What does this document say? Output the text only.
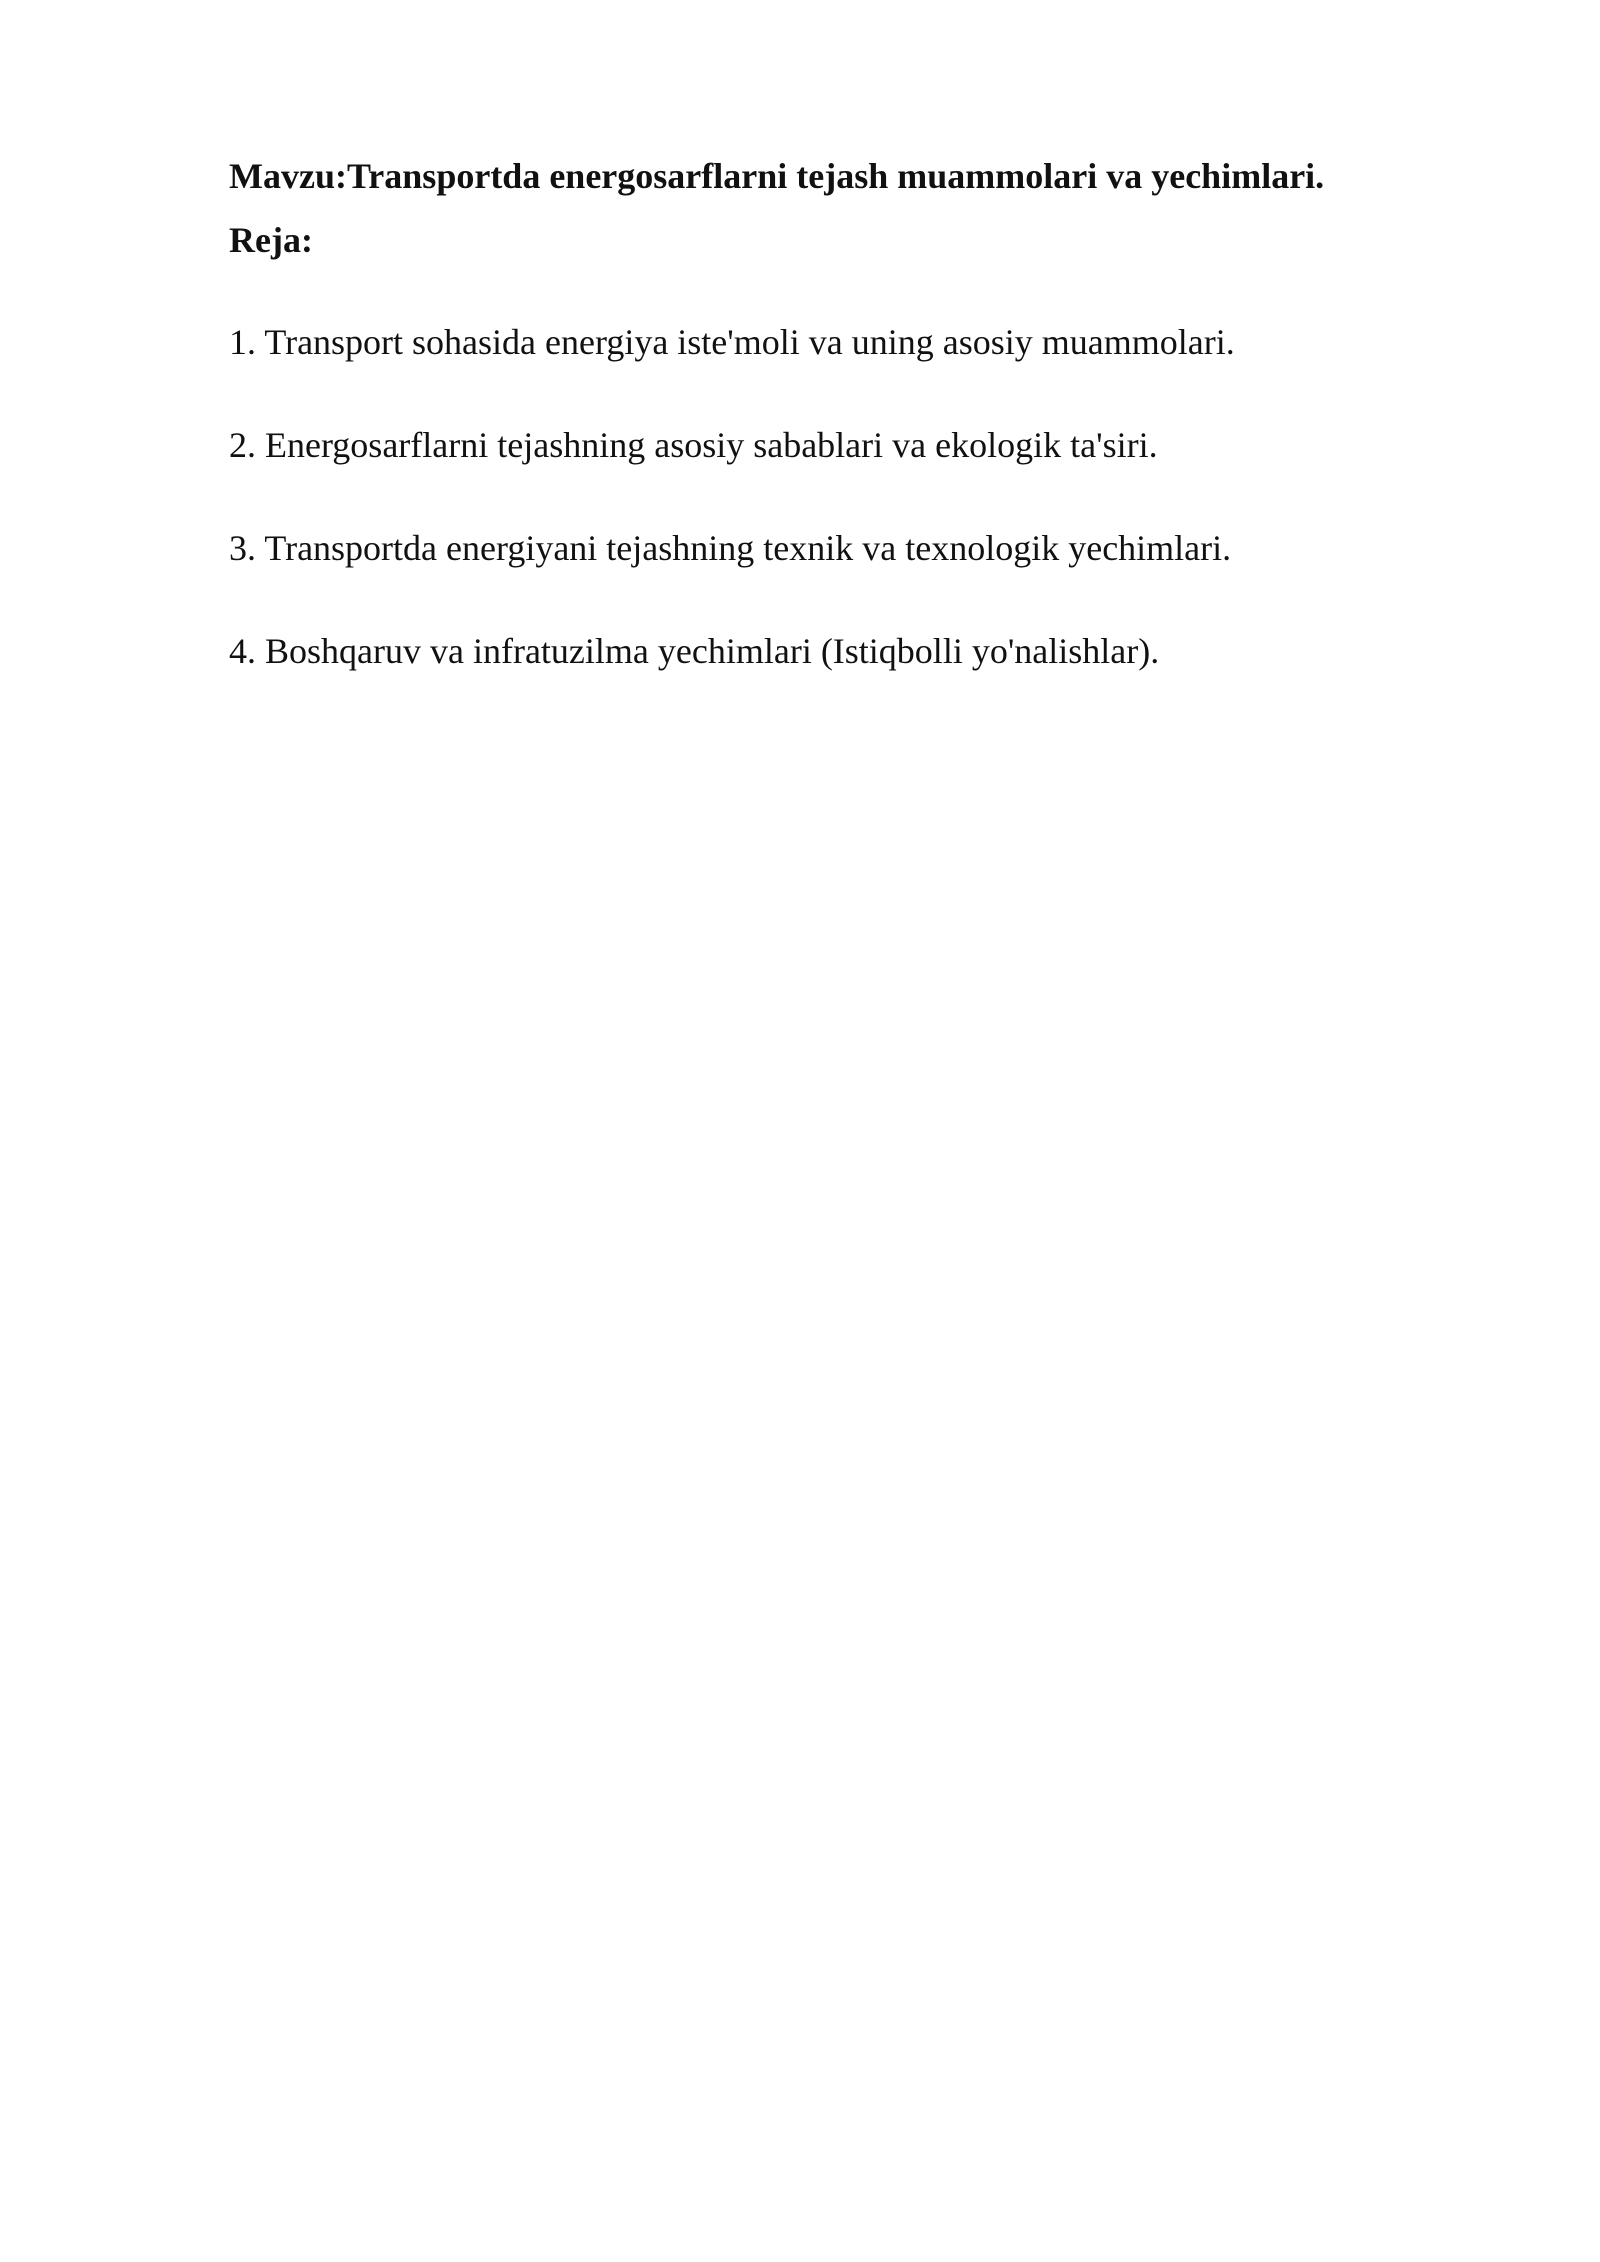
Mavzu:Transportda energosarflarni tejash muammolari va yechimlari.
Reja:
1. Transport sohasida energiya iste'moli va uning asosiy muammolari.
2. Energosarflarni tejashning asosiy sabablari va ekologik ta'siri.
3. Transportda energiyani tejashning texnik va texnologik yechimlari.
4. Boshqaruv va infratuzilma yechimlari (Istiqbolli yo'nalishlar).
